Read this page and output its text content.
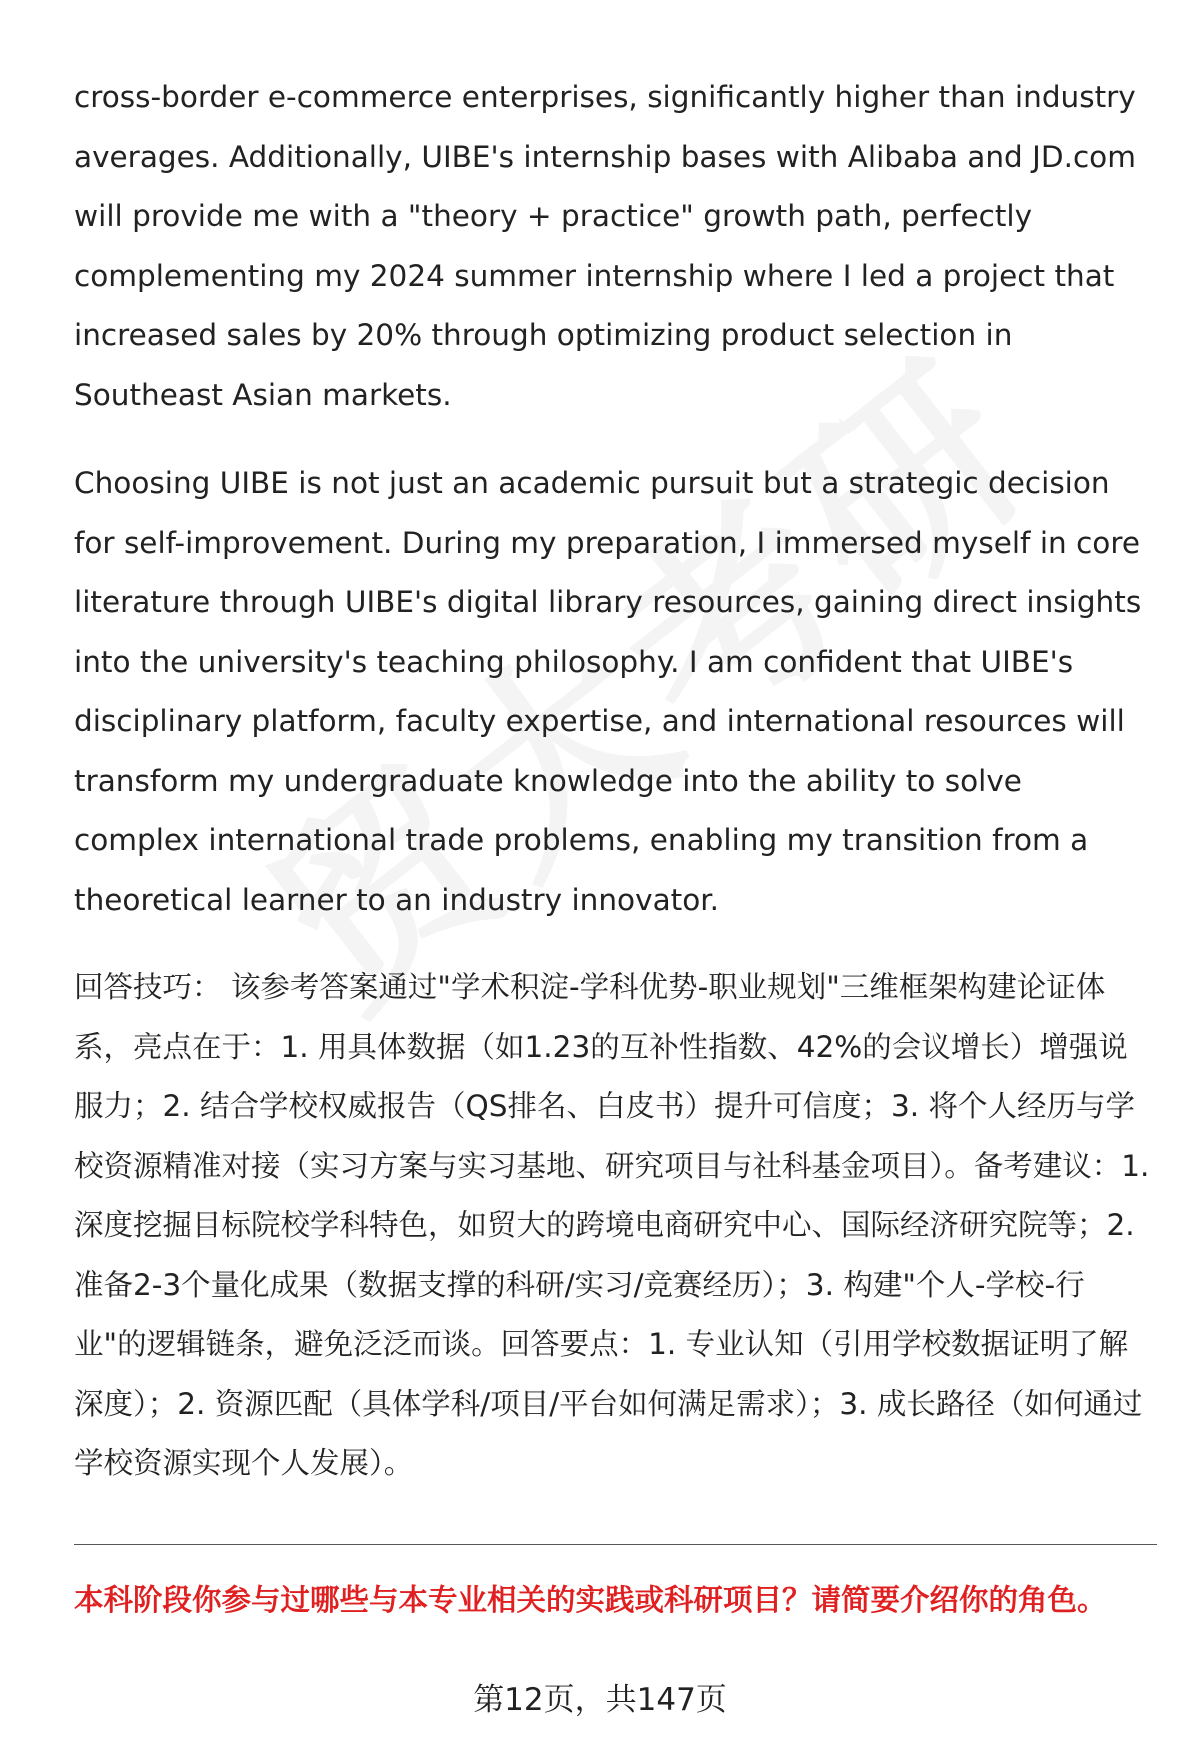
cross-border e-commerce enterprises, significantly higher than industry averages. Additionally, UIBE's internship bases with Alibaba and JD.com will provide me with a "theory + practice" growth path, perfectly complementing my 2024 summer internship where I led a project that increased sales by 20% through optimizing product selection in Southeast Asian markets.

Choosing UIBE is not just an academic pursuit but a strategic decision for self-improvement. During my preparation, I immersed myself in core literature through UIBE's digital library resources, gaining direct insights into the university's teaching philosophy. I am confident that UIBE's disciplinary platform, faculty expertise, and international resources will transform my undergraduate knowledge into the ability to solve complex international trade problems, enabling my transition from a theoretical learner to an industry innovator.

回答技巧： 该参考答案通过"学术积淀-学科优势-职业规划"三维框架构建论证体系，亮点在于：1. 用具体数据（如1.23的互补性指数、42%的会议增长）增强说服力；2. 结合学校权威报告（QS排名、白皮书）提升可信度；3. 将个人经历与学校资源精准对接（实习方案与实习基地、研究项目与社科基金项目）。备考建议：1. 深度挖掘目标院校学科特色，如贸大的跨境电商研究中心、国际经济研究院等；2. 准备2-3个量化成果（数据支撑的科研/实习/竞赛经历）；3. 构建"个人-学校-行业"的逻辑链条，避免泛泛而谈。回答要点：1. 专业认知（引用学校数据证明了解深度）；2. 资源匹配（具体学科/项目/平台如何满足需求）；3. 成长路径（如何通过学校资源实现个人发展）。

本科阶段你参与过哪些与本专业相关的实践或科研项目？请简要介绍你的角色。
第12页，共147页
